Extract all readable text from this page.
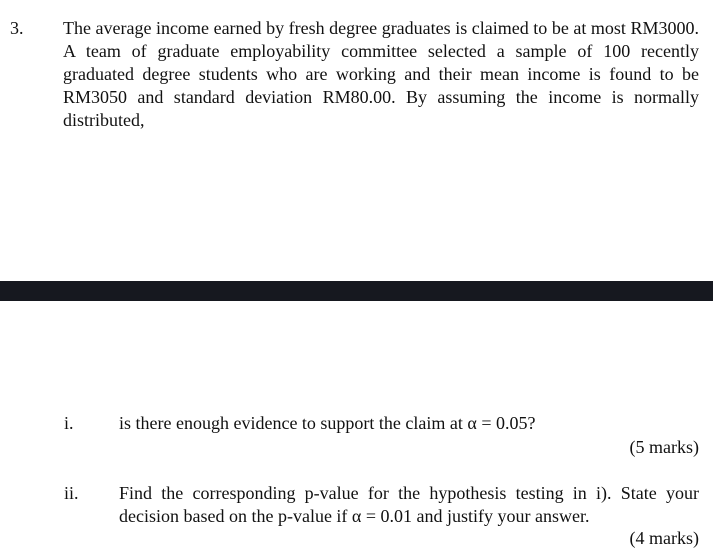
3. The average income earned by fresh degree graduates is claimed to be at most RM3000.
A team of graduate employability committee selected a sample of 100 recently
graduated degree students who are working and their mean income is found to be
RM3050 and standard deviation RM80.00. By assuming the income is normally
distributed,
i.	is there enough evidence to support the claim at α = 0.05?
(5 marks)
ii. Find the corresponding p-value for the hypothesis testing in i). State your
decision based on the p-value if α = 0.01 and justify your answer.
(4 marks)
